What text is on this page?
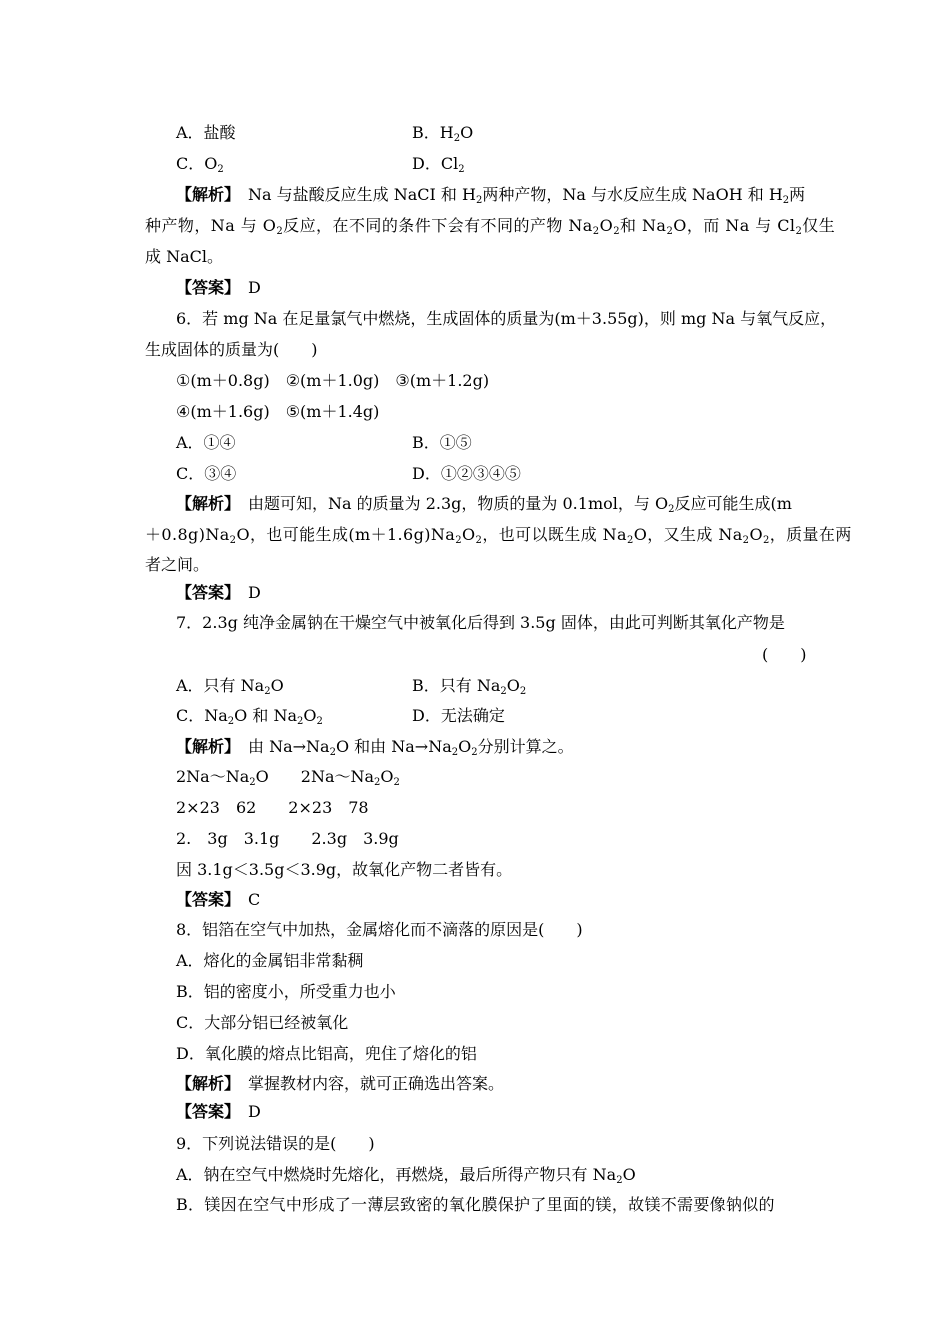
A．盐酸	B．$H_2O$
C．$O_2$	D．$Cl_2$
【解析】　Na 与盐酸反应生成 NaCI 和 $H_2$两种产物，Na 与水反应生成 NaOH 和 $H_2$两
种产物，Na 与 $O_2$反应，在不同的条件下会有不同的产物 $Na_2O_2$和 $Na_2O$，而 Na 与 $Cl_2$仅生
成 NaCl。
【答案】　D
6．若 mg Na 在足量氯气中燃烧，生成固体的质量为(m＋3.55g)，则 mg Na 与氧气反应，
生成固体的质量为(　　)
①(m＋0.8g)　②(m＋1.0g)　③(m＋1.2g)
④(m＋1.6g)　⑤(m＋1.4g)
A．①④	B．①⑤
C．③④	D．①②③④⑤
【解析】　由题可知，Na 的质量为 2.3g，物质的量为 0.1mol，与 $O_2$反应可能生成(m
$+0.8g)Na_2O$，也可能生成$(m+1.6g)Na_2O_2$，也可以既生成 $Na_2O$，又生成 $Na_2O_2$，质量在两
者之间。
【答案】　D
7．2.3g 纯净金属钠在干燥空气中被氧化后得到 3.5g 固体，由此可判断其氧化产物是
(　　)
A．只有 $Na_2O$	B．只有 $Na_2O_2$
C．$Na_2O$ 和 $Na_2O_2$	D．无法确定
【解析】　由 $Na\to Na_2O$ 和由 $Na\to Na_2O_2$分别计算之。
$2Na\sim Na_2O$　　$2Na\sim Na_2O_2$
2×23　62　　2×23　78
2.　3g　3.1g　　2.3g　3.9g
因 3.1g＜3.5g＜3.9g，故氧化产物二者皆有。
【答案】　C
8．铝箔在空气中加热，金属熔化而不滴落的原因是(　　)
A．熔化的金属铝非常黏稠
B．铝的密度小，所受重力也小
C．大部分铝已经被氧化
D．氧化膜的熔点比铝高，兜住了熔化的铝
【解析】　掌握教材内容，就可正确选出答案。
【答案】　D
9．下列说法错误的是(　　)
A．钠在空气中燃烧时先熔化，再燃烧，最后所得产物只有 $Na_2O$
B．镁因在空气中形成了一薄层致密的氧化膜保护了里面的镁，故镁不需要像钠似的
